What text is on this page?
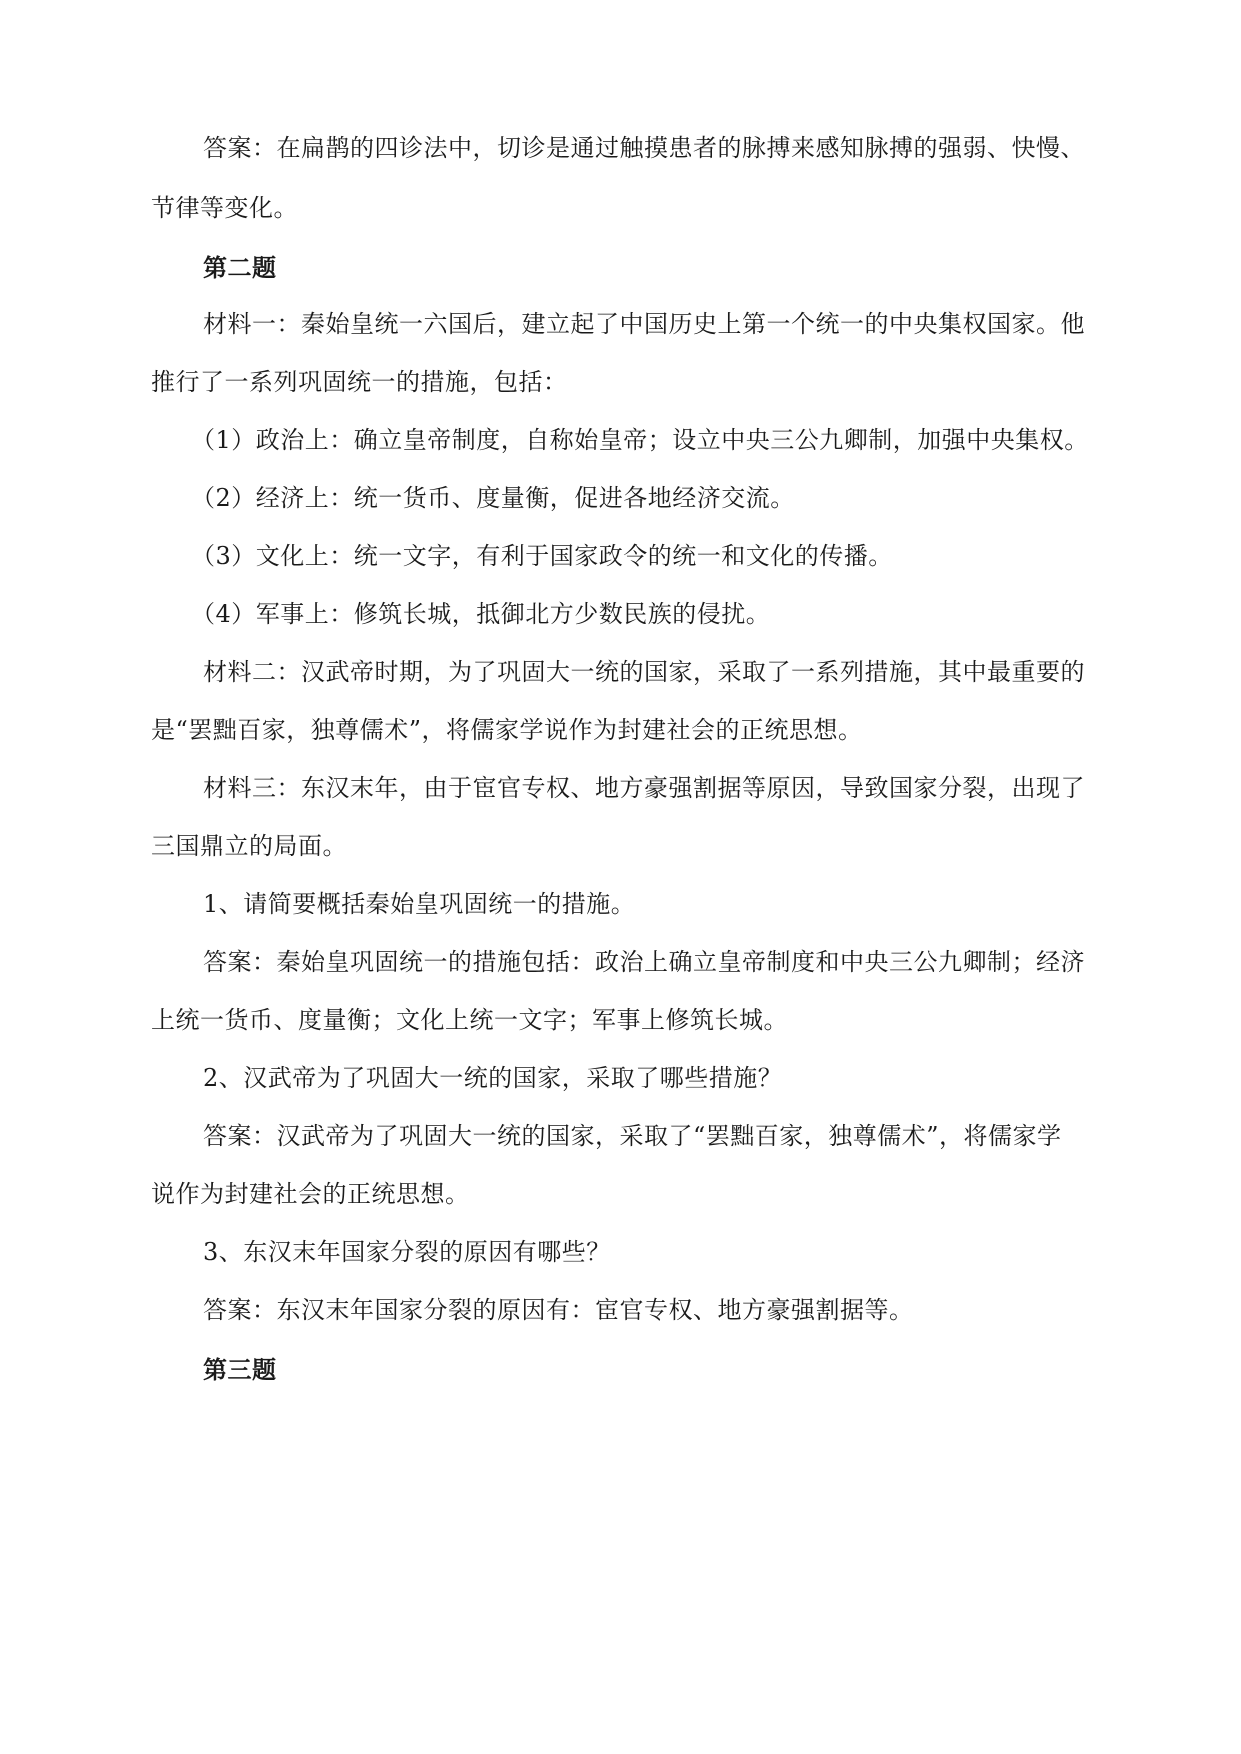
答案：在扁鹊的四诊法中，切诊是通过触摸患者的脉搏来感知脉搏的强弱、快慢、
节律等变化。
第二题
材料一：秦始皇统一六国后，建立起了中国历史上第一个统一的中央集权国家。他
推行了一系列巩固统一的措施，包括：
（1）政治上：确立皇帝制度，自称始皇帝；设立中央三公九卿制，加强中央集权。
（2）经济上：统一货币、度量衡，促进各地经济交流。
（3）文化上：统一文字，有利于国家政令的统一和文化的传播。
（4）军事上：修筑长城，抵御北方少数民族的侵扰。
材料二：汉武帝时期，为了巩固大一统的国家，采取了一系列措施，其中最重要的
是“罢黜百家，独尊儒术”，将儒家学说作为封建社会的正统思想。
材料三：东汉末年，由于宦官专权、地方豪强割据等原因，导致国家分裂，出现了
三国鼎立的局面。
1、请简要概括秦始皇巩固统一的措施。
答案：秦始皇巩固统一的措施包括：政治上确立皇帝制度和中央三公九卿制；经济
上统一货币、度量衡；文化上统一文字；军事上修筑长城。
2、汉武帝为了巩固大一统的国家，采取了哪些措施？
答案：汉武帝为了巩固大一统的国家，采取了“罢黜百家，独尊儒术”，将儒家学
说作为封建社会的正统思想。
3、东汉末年国家分裂的原因有哪些？
答案：东汉末年国家分裂的原因有：宦官专权、地方豪强割据等。
第三题
